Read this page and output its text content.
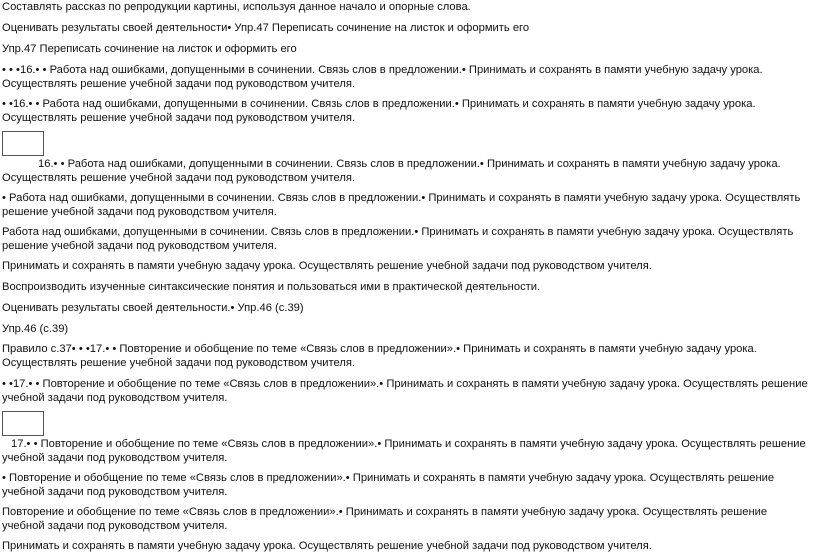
Составлять рассказ по репродукции картины, используя данное начало и опорные слова.

Оценивать результаты своей деятельности• Упр.47 Переписать сочинение на листок и оформить его

Упр.47 Переписать сочинение на листок и оформить его

• • •16.• • Работа над ошибками, допущенными в сочинении. Связь слов в предложении.• Принимать и сохранять в памяти учебную задачу урока. Осуществлять решение учебной задачи под руководством учителя.

• •16.• • Работа над ошибками, допущенными в сочинении. Связь слов в предложении.• Принимать и сохранять в памяти учебную задачу урока. Осуществлять решение учебной задачи под руководством учителя.

16.• • Работа над ошибками, допущенными в сочинении. Связь слов в предложении.• Принимать и сохранять в памяти учебную задачу урока. Осуществлять решение учебной задачи под руководством учителя.

• Работа над ошибками, допущенными в сочинении. Связь слов в предложении.• Принимать и сохранять в памяти учебную задачу урока. Осуществлять решение учебной задачи под руководством учителя.

Работа над ошибками, допущенными в сочинении. Связь слов в предложении.• Принимать и сохранять в памяти учебную задачу урока. Осуществлять решение учебной задачи под руководством учителя.

Принимать и сохранять в памяти учебную задачу урока. Осуществлять решение учебной задачи под руководством учителя.

Воспроизводить изученные синтаксические понятия и пользоваться ими в практической деятельности.

Оценивать результаты своей деятельности.• Упр.46 (с.39)

Упр.46 (с.39)

Правило с.37• • •17.• • Повторение и обобщение по теме «Связь слов в предложении».• Принимать и сохранять в памяти учебную задачу урока. Осуществлять решение учебной задачи под руководством учителя.

• •17.• • Повторение и обобщение по теме «Связь слов в предложении».• Принимать и сохранять в памяти учебную задачу урока. Осуществлять решение учебной задачи под руководством учителя.

17.• • Повторение и обобщение по теме «Связь слов в предложении».• Принимать и сохранять в памяти учебную задачу урока. Осуществлять решение учебной задачи под руководством учителя.

• Повторение и обобщение по теме «Связь слов в предложении».• Принимать и сохранять в памяти учебную задачу урока. Осуществлять решение учебной задачи под руководством учителя.

Повторение и обобщение по теме «Связь слов в предложении».• Принимать и сохранять в памяти учебную задачу урока. Осуществлять решение учебной задачи под руководством учителя.

Принимать и сохранять в памяти учебную задачу урока. Осуществлять решение учебной задачи под руководством учителя.
